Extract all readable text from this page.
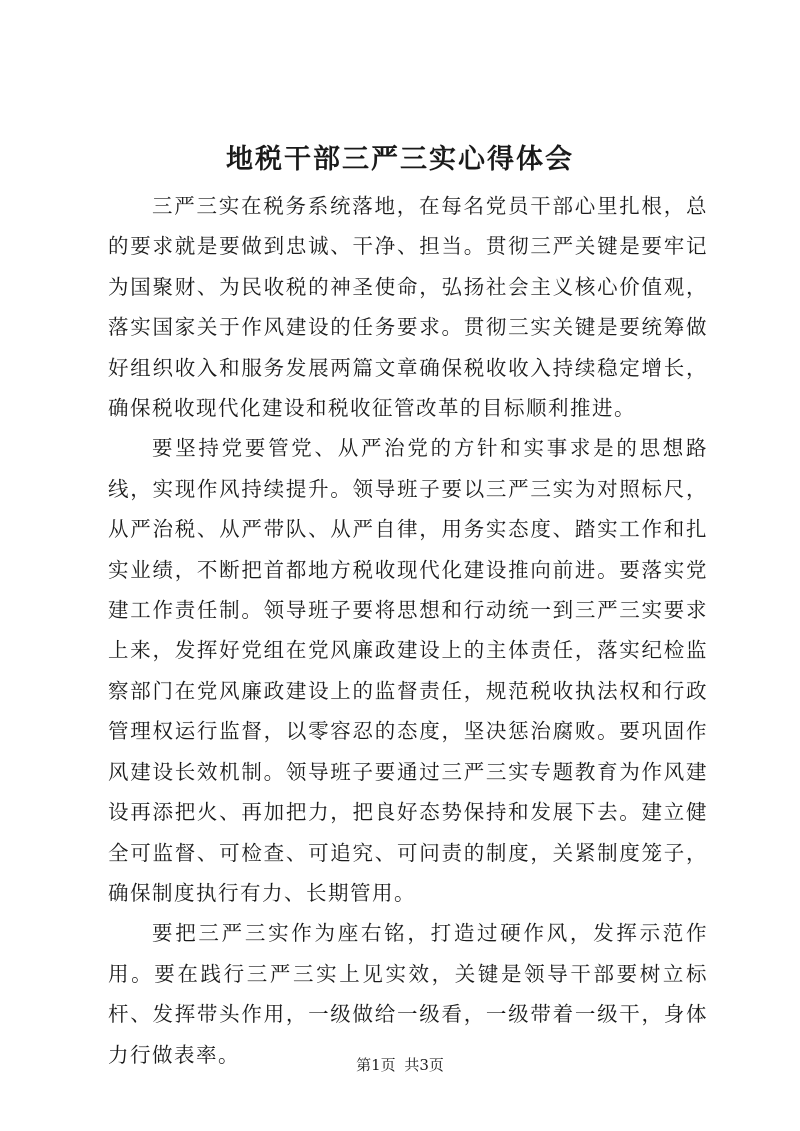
地税干部三严三实心得体会

三严三实在税务系统落地，在每名党员干部心里扎根，总的要求就是要做到忠诚、干净、担当。贯彻三严关键是要牢记为国聚财、为民收税的神圣使命，弘扬社会主义核心价值观，落实国家关于作风建设的任务要求。贯彻三实关键是要统筹做好组织收入和服务发展两篇文章确保税收收入持续稳定增长，确保税收现代化建设和税收征管改革的目标顺利推进。

要坚持党要管党、从严治党的方针和实事求是的思想路线，实现作风持续提升。领导班子要以三严三实为对照标尺，从严治税、从严带队、从严自律，用务实态度、踏实工作和扎实业绩，不断把首都地方税收现代化建设推向前进。要落实党建工作责任制。领导班子要将思想和行动统一到三严三实要求上来，发挥好党组在党风廉政建设上的主体责任，落实纪检监察部门在党风廉政建设上的监督责任，规范税收执法权和行政管理权运行监督，以零容忍的态度，坚决惩治腐败。要巩固作风建设长效机制。领导班子要通过三严三实专题教育为作风建设再添把火、再加把力，把良好态势保持和发展下去。建立健全可监督、可检查、可追究、可问责的制度，关紧制度笼子，确保制度执行有力、长期管用。

要把三严三实作为座右铭，打造过硬作风，发挥示范作用。要在践行三严三实上见实效，关键是领导干部要树立标杆、发挥带头作用，一级做给一级看，一级带着一级干，身体力行做表率。	第1页 共3页
